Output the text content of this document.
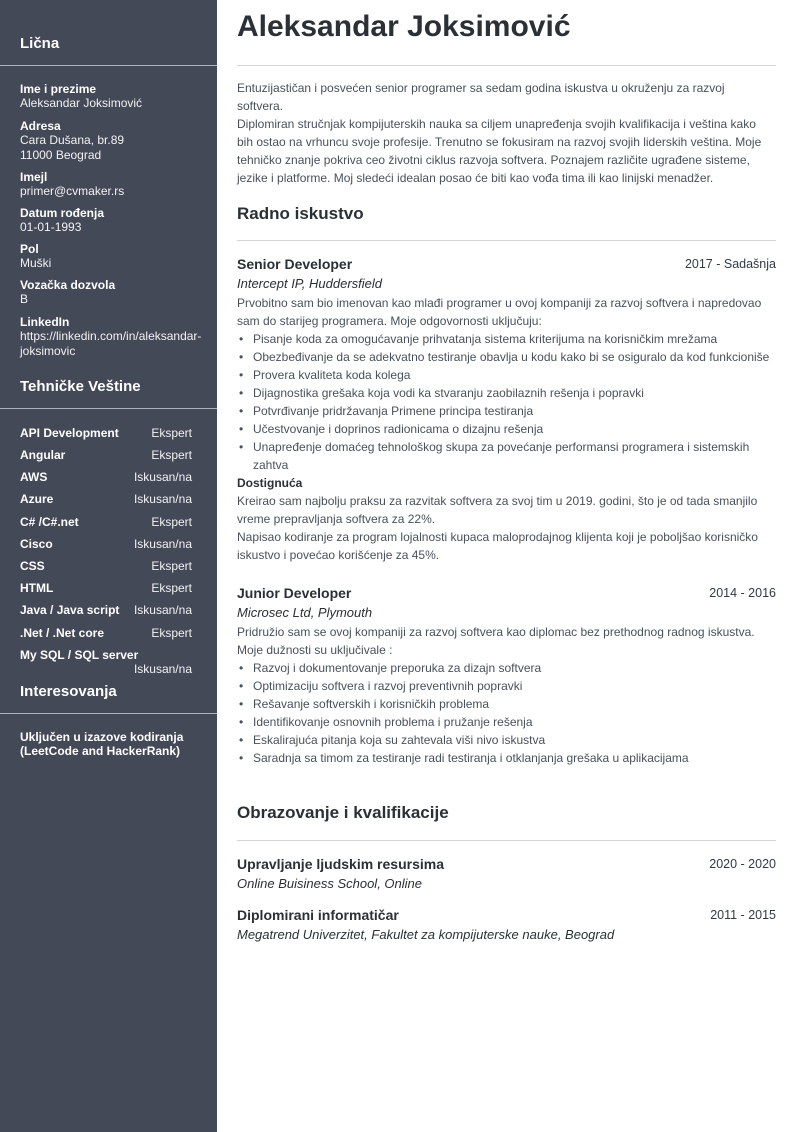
Lična
Ime i prezime
Aleksandar Joksimović
Adresa
Cara Dušana, br.89
11000 Beograd
Imejl
primer@cvmaker.rs
Datum rođenja
01-01-1993
Pol
Muški
Vozačka dozvola
B
LinkedIn
https://linkedin.com/in/aleksandar-
joksimovic
Tehničke Veštine
API Development	Ekspert
Angular	Ekspert
AWS	Iskusan/na
Azure	Iskusan/na
C# /C#.net	Ekspert
Cisco	Iskusan/na
CSS	Ekspert
HTML	Ekspert
Java / Java script Iskusan/na
.Net / .Net core	Ekspert
My SQL / SQL server
Iskusan/na
Interesovanja
Uključen u izazove kodiranja
(LeetCode and HackerRank)
Aleksandar Joksimović
Entuzijastičan i posvećen senior programer sa sedam godina iskustva u okruženju za razvoj
softvera.
Diplomiran stručnjak kompijuterskih nauka sa ciljem unapređenja svojih kvalifikacija i veština kako
bih ostao na vrhuncu svoje profesije. Trenutno se fokusiram na razvoj svojih liderskih veština. Moje
tehničko znanje pokriva ceo životni ciklus razvoja softvera. Poznajem različite ugrađene sisteme,
jezike i platforme. Moj sledeći idealan posao će biti kao vođa tima ili kao linijski menadžer.
Radno iskustvo
Senior Developer	2017 - Sadašnja
Intercept IP, Huddersfield
Prvobitno sam bio imenovan kao mlađi programer u ovoj kompaniji za razvoj softvera i napredovao
sam do starijeg programera. Moje odgovornosti uključuju:
• Pisanje koda za omogućavanje prihvatanja sistema kriterijuma na korisničkim mrežama
• Obezbeđivanje da se adekvatno testiranje obavlja u kodu kako bi se osiguralo da kod funkcioniše
• Provera kvaliteta koda kolega
• Dijagnostika grešaka koja vodi ka stvaranju zaobilaznih rešenja i popravki
• Potvrđivanje pridržavanja Primene principa testiranja
• Učestvovanje i doprinos radionicama o dizajnu rešenja
• Unapređenje domaćeg tehnološkog skupa za povećanje performansi programera i sistemskih
zahtva
Dostignuća
Kreirao sam najbolju praksu za razvitak softvera za svoj tim u 2019. godini, što je od tada smanjilo
vreme prepravljanja softvera za 22%.
Napisao kodiranje za program lojalnosti kupaca maloprodajnog klijenta koji je poboljšao korisničko
iskustvo i povećao korišćenje za 45%.
Junior Developer	2014 - 2016
Microsec Ltd, Plymouth
Pridružio sam se ovoj kompaniji za razvoj softvera kao diplomac bez prethodnog radnog iskustva.
Moje dužnosti su uključivale :
• Razvoj i dokumentovanje preporuka za dizajn softvera
• Optimizaciju softvera i razvoj preventivnih popravki
• Rešavanje softverskih i korisničkih problema
• Identifikovanje osnovnih problema i pružanje rešenja
• Eskalirajuća pitanja koja su zahtevala viši nivo iskustva
• Saradnja sa timom za testiranje radi testiranja i otklanjanja grešaka u aplikacijama
Obrazovanje i kvalifikacije
Upravljanje ljudskim resursima	2020 - 2020
Online Buisiness School, Online
Diplomirani informatičar	2011 - 2015
Megatrend Univerzitet, Fakultet za kompijuterske nauke, Beograd
